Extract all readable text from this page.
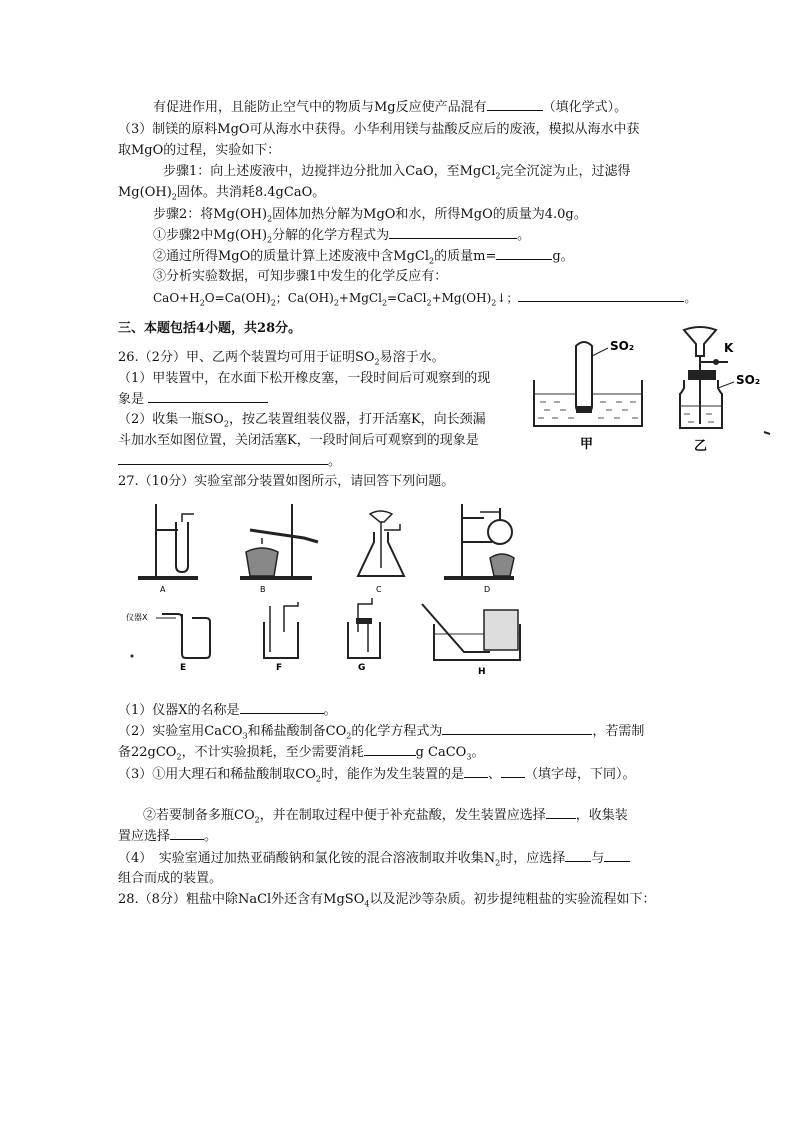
有促进作用，且能防止空气中的物质与Mg反应使产品混有	（填化学式）。
（3）制镁的原料MgO可从海水中获得。小华利用镁与盐酸反应后的废液，模拟从海水中获
取MgO的过程，实验如下：
步骤1：向上述废液中，边搅拌边分批加入CaO，至MgCl$_2$完全沉淀为止，过滤得
$Mg(OH)_2$固体。共消耗8.4gCaO。
步骤2：将$Mg(OH)_2$固体加热分解为MgO和水，所得MgO的质量为4.0g。
①步骤2中$Mg(OH)_2$分解的化学方程式为	。
②通过所得MgO的质量计算上述废液中含MgCl$_2$的质量m=	g。
③分析实验数据，可知步骤1中发生的化学反应有：
$CaO+H_2O=Ca(OH)_2$；$Ca(OH)_2+MgCl_2=CaCl_2+Mg(OH)_2↓$；	。
三、本题包括4小题，共28分。
26.（2分）甲、乙两个装置均可用于证明$SO_2$易溶于水。
（1）甲装置中，在水面下松开橡皮塞，一段时间后可观察到的现
象是
（2）收集一瓶$SO_2$，按乙装置组装仪器，打开活塞K，向长颈漏
斗加水至如图位置，关闭活塞K，一段时间后可观察到的现象是
。
SO₂
甲
K
SO₂
乙
27.（10分）实验室部分装置如图所示，请回答下列问题。
A	B	C	D
仪器X
E	F	G	H
（1）仪器X的名称是	。
（2）实验室用CaCO$_3$和稀盐酸制备$CO_2$的化学方程式为	，若需制
备22gCO$_2$，不计实验损耗，至少需要消耗	g CaCO$_3$。
（3）①用大理石和稀盐酸制取$CO_2$时，能作为发生装置的是 、 （填字母，下同）。
②若要制备多瓶$CO_2$，并在制取过程中便于补充盐酸，发生装置应选择 ，收集装
置应选择	。
（4）　实验室通过加热亚硝酸钠和氯化铵的混合溶液制取并收集$N_2$时，应选择 与
组合而成的装置。
28.（8分）粗盐中除NaCl外还含有MgSO$_4$以及泥沙等杂质。初步提纯粗盐的实验流程如下：
